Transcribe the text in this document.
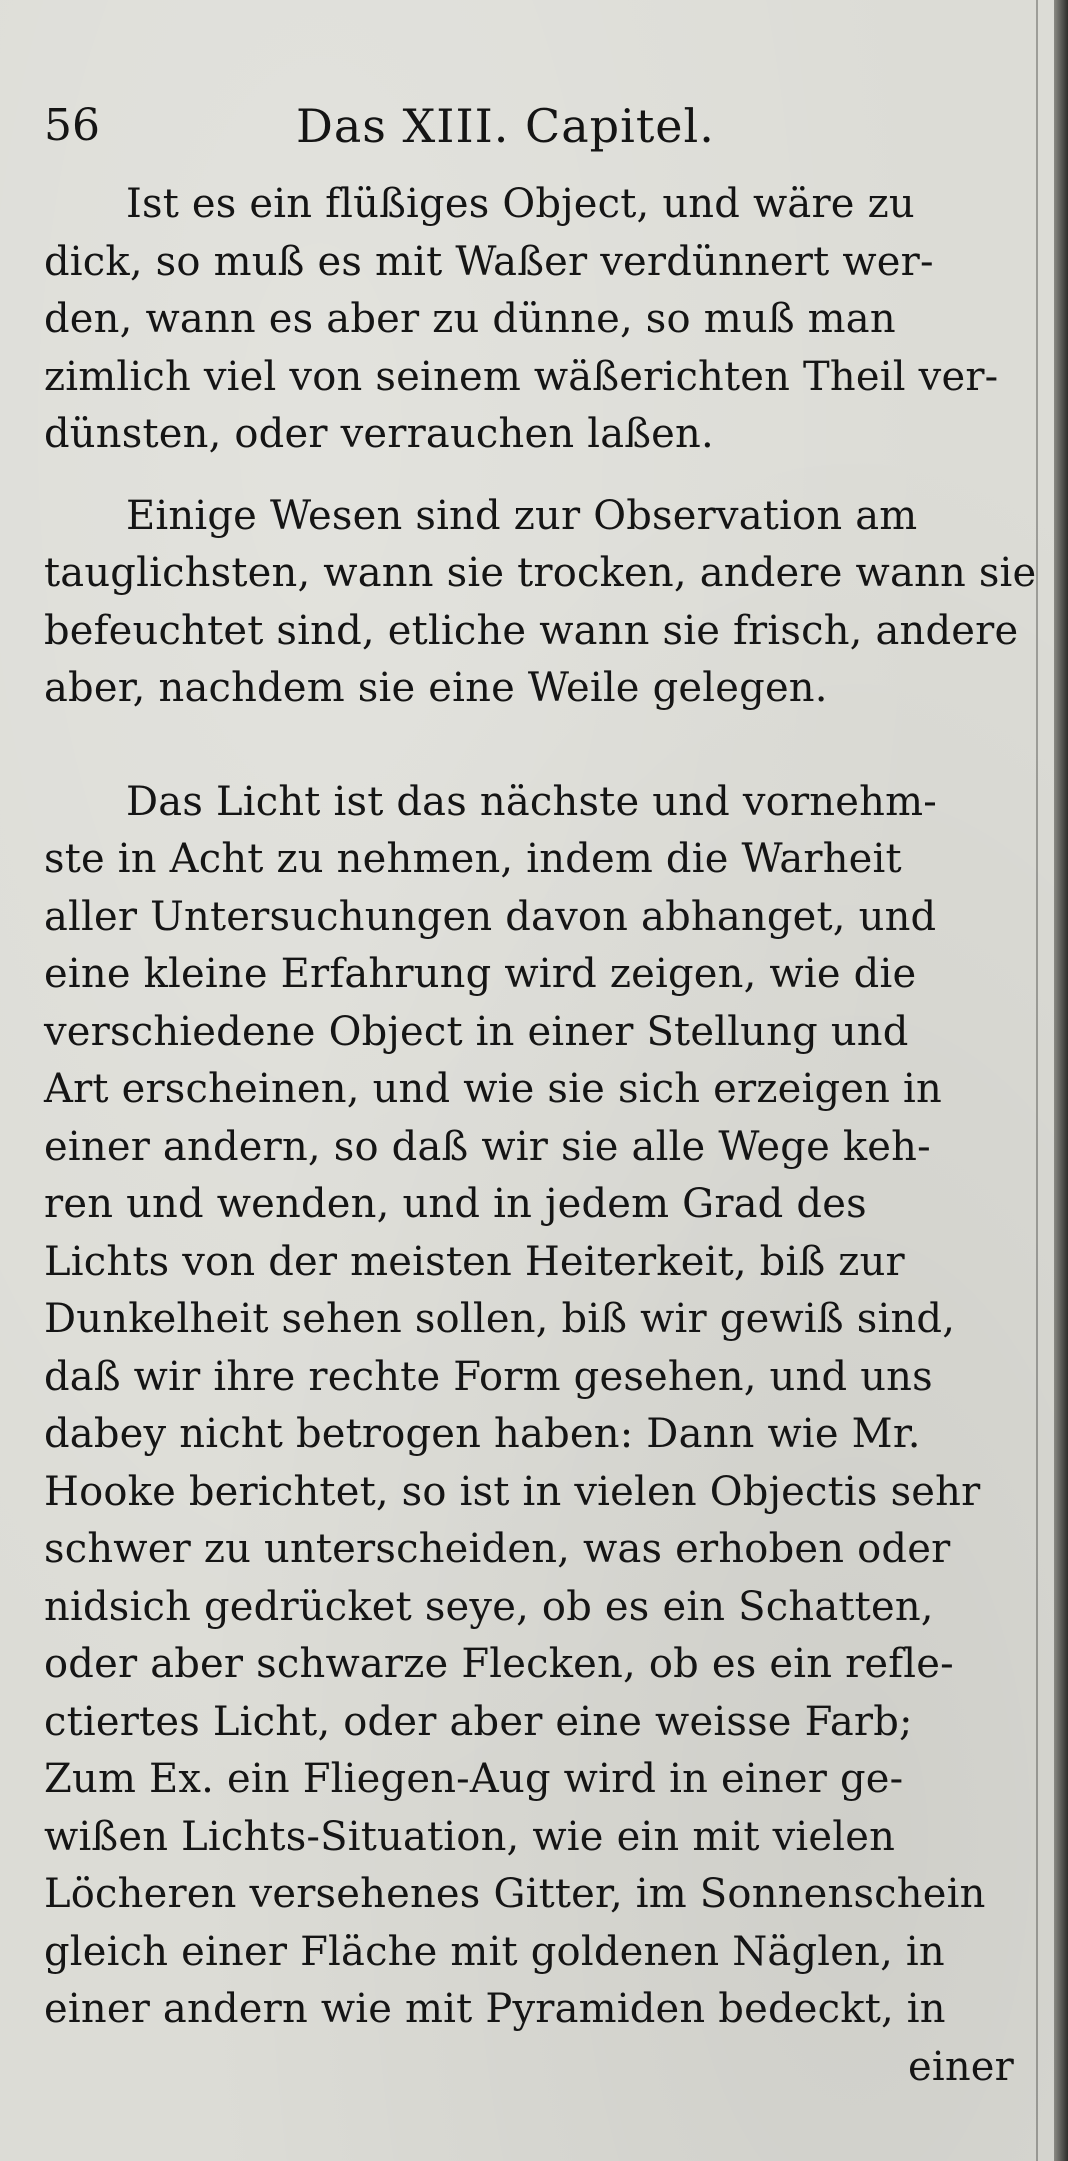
56	Das XIII. Capitel.
Ist es ein flüßiges Object, und wäre zu
dick, so muß es mit Waßer verdünnert wer-
den, wann es aber zu dünne, so muß man
zimlich viel von seinem wäßerichten Theil ver-
dünsten, oder verrauchen laßen.
Einige Wesen sind zur Observation am
tauglichsten, wann sie trocken, andere wann sie
befeuchtet sind, etliche wann sie frisch, andere
aber, nachdem sie eine Weile gelegen.
Das Licht ist das nächste und vornehm-
ste in Acht zu nehmen, indem die Warheit
aller Untersuchungen davon abhanget, und
eine kleine Erfahrung wird zeigen, wie die
verschiedene Object in einer Stellung und
Art erscheinen, und wie sie sich erzeigen in
einer andern, so daß wir sie alle Wege keh-
ren und wenden, und in jedem Grad des
Lichts von der meisten Heiterkeit, biß zur
Dunkelheit sehen sollen, biß wir gewiß sind,
daß wir ihre rechte Form gesehen, und uns
dabey nicht betrogen haben: Dann wie Mr.
Hooke berichtet, so ist in vielen Objectis sehr
schwer zu unterscheiden, was erhoben oder
nidsich gedrücket seye, ob es ein Schatten,
oder aber schwarze Flecken, ob es ein refle-
ctiertes Licht, oder aber eine weisse Farb;
Zum Ex. ein Fliegen-Aug wird in einer ge-
wißen Lichts-Situation, wie ein mit vielen
Löcheren versehenes Gitter, im Sonnenschein
gleich einer Fläche mit goldenen Näglen, in
einer andern wie mit Pyramiden bedeckt, in
einer
